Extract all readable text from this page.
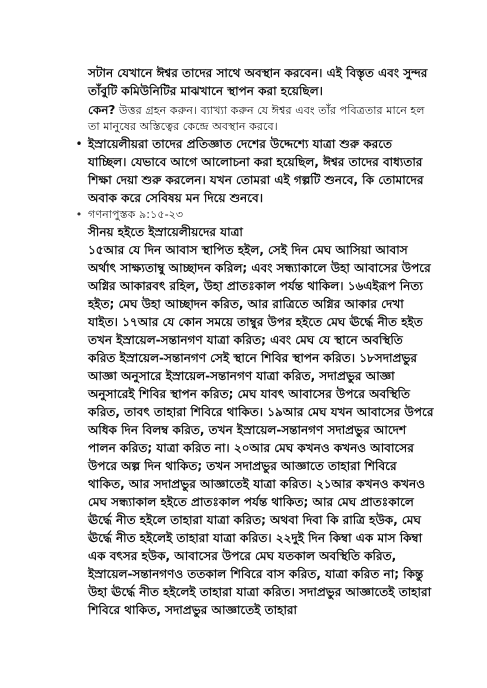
সটান যেখানে ঈশ্বর তাদের সাথে অবস্থান করবেন। এই বিস্তৃত এবং সুন্দর তাঁবুটি কমিউনিটির মাঝখানে স্থাপন করা হয়েছিল।

কেন? উত্তর গ্রহন করুন। ব্যাখ্যা করুন যে ঈশ্বর এবং তাঁর পবিত্রতার মানে হল তা মানুষের অস্তিত্বের কেন্দ্রে অবস্থান করবে।

• ইস্রায়েলীয়রা তাদের প্রতিজ্ঞাত দেশের উদ্দেশ্যে যাত্রা শুরু করতে যাচ্ছিল। যেভাবে আগে আলোচনা করা হয়েছিল, ঈশ্বর তাদের বাধ্যতার শিক্ষা দেয়া শুরু করলেন। যখন তোমরা এই গল্পটি শুনবে, কি তোমাদের অবাক করে সেবিষয় মন দিয়ে শুনবে।

• গণনাপুস্তক ৯:১৫-২৩

সীনয় হইতে ইস্রায়েলীয়দের যাত্রা

১৫আর যে দিন আবাস স্থাপিত হইল, সেই দিন মেঘ আসিয়া আবাস অর্থাৎ সাক্ষ্যতাম্বু আচ্ছাদন করিল; এবং সন্ধ্যাকালে উহা আবাসের উপরে অগ্নির আকারবৎ রহিল, উহা প্রাতঃকাল পর্যন্ত থাকিল। ১৬এইরূপ নিত্য হইত; মেঘ উহা আচ্ছাদন করিত, আর রাত্রিতে অগ্নির আকার দেখা যাইত। ১৭আর যে কোন সময়ে তাম্বুর উপর হইতে মেঘ ঊর্দ্ধে নীত হইত তখন ইস্রায়েল-সন্তানগণ যাত্রা করিত; এবং মেঘ যে স্থানে অবস্থিতি করিত ইস্রায়েল-সন্তানগণ সেই স্থানে শিবির স্থাপন করিত। ১৮সদাপ্রভুর আজ্ঞা অনুসারে ইস্রায়েল-সন্তানগণ যাত্রা করিত, সদাপ্রভুর আজ্ঞা অনুসারেই শিবির স্থাপন করিত; মেঘ যাবৎ আবাসের উপরে অবস্থিতি করিত, তাবৎ তাহারা শিবিরে থাকিত। ১৯আর মেঘ যখন আবাসের উপরে অধিক দিন বিলম্ব করিত, তখন ইস্রায়েল-সন্তানগণ সদাপ্রভুর আদেশ পালন করিত; যাত্রা করিত না। ২০আর মেঘ কখনও কখনও আবাসের উপরে অল্প দিন থাকিত; তখন সদাপ্রভুর আজ্ঞাতে তাহারা শিবিরে থাকিত, আর সদাপ্রভুর আজ্ঞাতেই যাত্রা করিত। ২১আর কখনও কখনও মেঘ সন্ধ্যাকাল হইতে প্রাতঃকাল পর্যন্ত থাকিত; আর মেঘ প্রাতঃকালে ঊর্দ্ধে নীত হইলে তাহারা যাত্রা করিত; অথবা দিবা কি রাত্রি হউক, মেঘ ঊর্দ্ধে নীত হইলেই তাহারা যাত্রা করিত। ২২দুই দিন কিম্বা এক মাস কিম্বা এক বৎসর হউক, আবাসের উপরে মেঘ যতকাল অবস্থিতি করিত, ইস্রায়েল-সন্তানগণও ততকাল শিবিরে বাস করিত, যাত্রা করিত না; কিন্তু উহা ঊর্দ্ধে নীত হইলেই তাহারা যাত্রা করিত। সদাপ্রভুর আজ্ঞাতেই তাহারা শিবিরে থাকিত, সদাপ্রভুর আজ্ঞাতেই তাহারা
